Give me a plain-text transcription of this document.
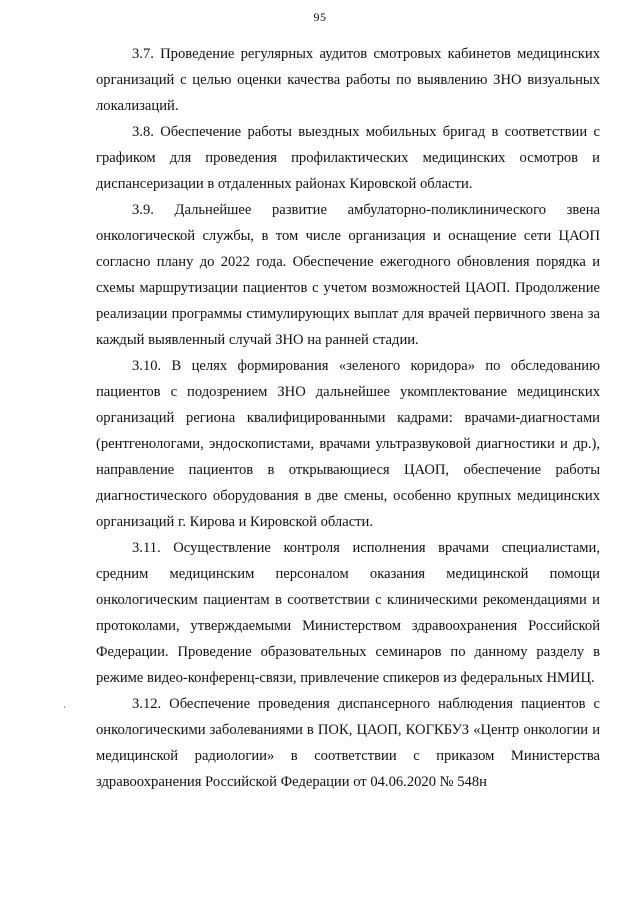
95

3.7. Проведение регулярных аудитов смотровых кабинетов медицинских организаций с целью оценки качества работы по выявлению ЗНО визуальных локализаций.

3.8. Обеспечение работы выездных мобильных бригад в соответствии с графиком для проведения профилактических медицинских осмотров и диспансеризации в отдаленных районах Кировской области.

3.9. Дальнейшее развитие амбулаторно-поликлинического звена онкологической службы, в том числе организация и оснащение сети ЦАОП согласно плану до 2022 года. Обеспечение ежегодного обновления порядка и схемы маршрутизации пациентов с учетом возможностей ЦАОП. Продолжение реализации программы стимулирующих выплат для врачей первичного звена за каждый выявленный случай ЗНО на ранней стадии.

3.10. В целях формирования «зеленого коридора» по обследованию пациентов с подозрением ЗНО дальнейшее укомплектование медицинских организаций региона квалифицированными кадрами: врачами-диагностами (рентгенологами, эндоскопистами, врачами ультразвуковой диагностики и др.), направление пациентов в открывающиеся ЦАОП, обеспечение работы диагностического оборудования в две смены, особенно крупных медицинских организаций г. Кирова и Кировской области.

3.11. Осуществление контроля исполнения врачами специалистами, средним медицинским персоналом оказания медицинской помощи онкологическим пациентам в соответствии с клиническими рекомендациями и протоколами, утверждаемыми Министерством здравоохранения Российской Федерации. Проведение образовательных семинаров по данному разделу в режиме видео-конференц-связи, привлечение спикеров из федеральных НМИЦ.

3.12. Обеспечение проведения диспансерного наблюдения пациентов с онкологическими заболеваниями в ПОК, ЦАОП, КОГКБУЗ «Центр онкологии и медицинской радиологии» в соответствии с приказом Министерства здравоохранения Российской Федерации от 04.06.2020 № 548н
